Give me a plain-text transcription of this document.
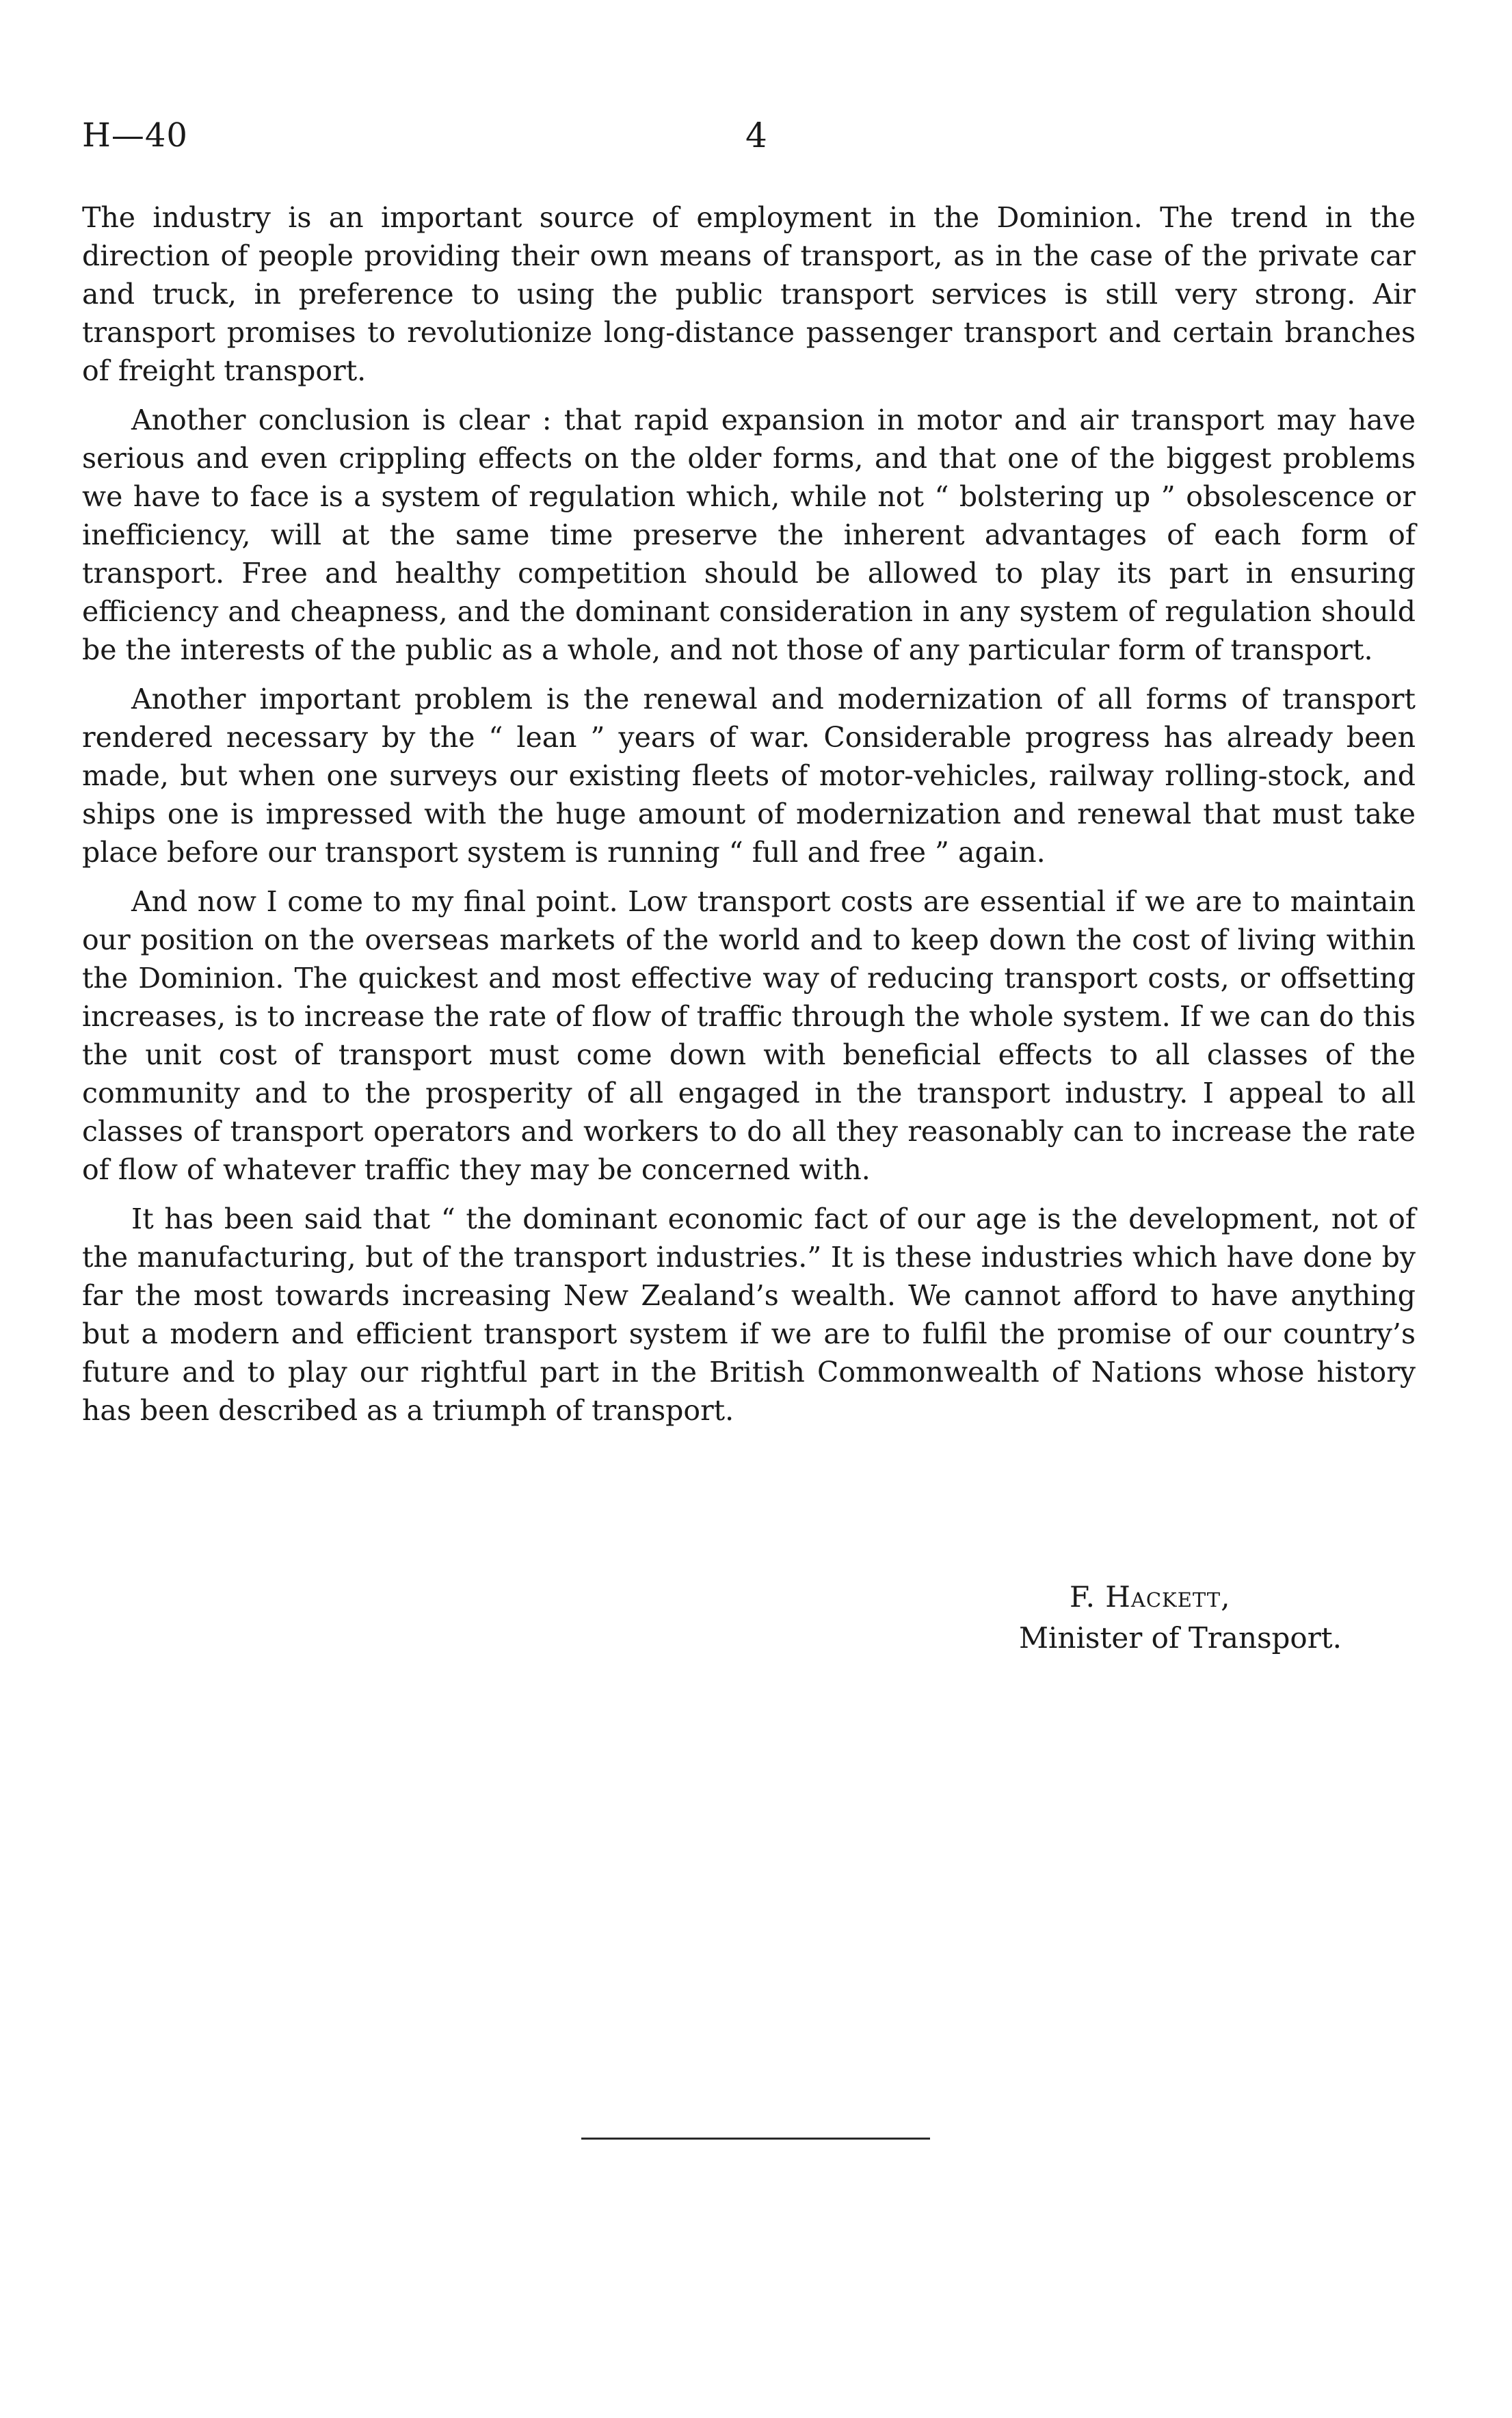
H—40	4

The industry is an important source of employment in the Dominion. The trend in the direction of people providing their own means of transport, as in the case of the private car and truck, in preference to using the public transport services is still very strong. Air transport promises to revolutionize long-distance passenger transport and certain branches of freight transport.

Another conclusion is clear : that rapid expansion in motor and air transport may have serious and even crippling effects on the older forms, and that one of the biggest problems we have to face is a system of regulation which, while not “ bolstering up ” obsolescence or inefficiency, will at the same time preserve the inherent advantages of each form of transport. Free and healthy competition should be allowed to play its part in ensuring efficiency and cheapness, and the dominant consideration in any system of regulation should be the interests of the public as a whole, and not those of any particular form of transport.

Another important problem is the renewal and modernization of all forms of transport rendered necessary by the “ lean ” years of war. Considerable progress has already been made, but when one surveys our existing fleets of motor-vehicles, railway rolling-stock, and ships one is impressed with the huge amount of modernization and renewal that must take place before our transport system is running “ full and free ” again.

And now I come to my final point. Low transport costs are essential if we are to maintain our position on the overseas markets of the world and to keep down the cost of living within the Dominion. The quickest and most effective way of reducing transport costs, or offsetting increases, is to increase the rate of flow of traffic through the whole system. If we can do this the unit cost of transport must come down with beneficial effects to all classes of the community and to the prosperity of all engaged in the transport industry. I appeal to all classes of transport operators and workers to do all they reasonably can to increase the rate of flow of whatever traffic they may be concerned with.

It has been said that “ the dominant economic fact of our age is the development, not of the manufacturing, but of the transport industries.” It is these industries which have done by far the most towards increasing New Zealand’s wealth. We cannot afford to have anything but a modern and efficient transport system if we are to fulfil the promise of our country’s future and to play our rightful part in the British Commonwealth of Nations whose history has been described as a triumph of transport.

F. Hackett,

Minister of Transport.
